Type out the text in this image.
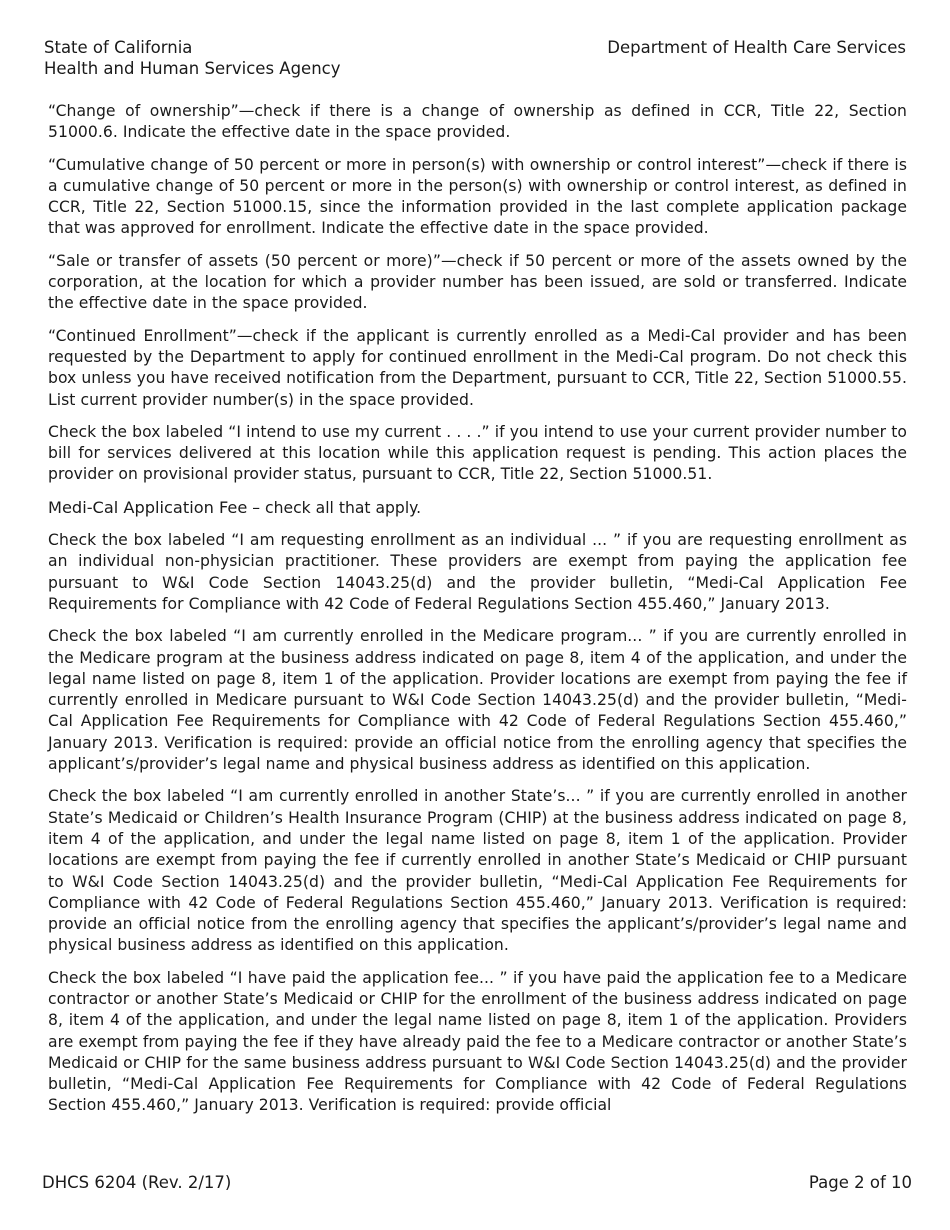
State of California
Health and Human Services Agency
Department of Health Care Services

“Change of ownership”—check if there is a change of ownership as defined in CCR, Title 22, Section 51000.6. Indicate the effective date in the space provided.

“Cumulative change of 50 percent or more in person(s) with ownership or control interest”—check if there is a cumulative change of 50 percent or more in the person(s) with ownership or control interest, as defined in CCR, Title 22, Section 51000.15, since the information provided in the last complete application package that was approved for enrollment. Indicate the effective date in the space provided.

“Sale or transfer of assets (50 percent or more)”—check if 50 percent or more of the assets owned by the corporation, at the location for which a provider number has been issued, are sold or transferred. Indicate the effective date in the space provided.

“Continued Enrollment”—check if the applicant is currently enrolled as a Medi-Cal provider and has been requested by the Department to apply for continued enrollment in the Medi-Cal program. Do not check this box unless you have received notification from the Department, pursuant to CCR, Title 22, Section 51000.55. List current provider number(s) in the space provided.

Check the box labeled “I intend to use my current . . . .” if you intend to use your current provider number to bill for services delivered at this location while this application request is pending. This action places the provider on provisional provider status, pursuant to CCR, Title 22, Section 51000.51.

Medi-Cal Application Fee – check all that apply.

Check the box labeled “I am requesting enrollment as an individual ... ” if you are requesting enrollment as an individual non-physician practitioner. These providers are exempt from paying the application fee pursuant to W&I Code Section 14043.25(d) and the provider bulletin, “Medi-Cal Application Fee Requirements for Compliance with 42 Code of Federal Regulations Section 455.460,” January 2013.

Check the box labeled “I am currently enrolled in the Medicare program... ” if you are currently enrolled in the Medicare program at the business address indicated on page 8, item 4 of the application, and under the legal name listed on page 8, item 1 of the application. Provider locations are exempt from paying the fee if currently enrolled in Medicare pursuant to W&I Code Section 14043.25(d) and the provider bulletin, “Medi-Cal Application Fee Requirements for Compliance with 42 Code of Federal Regulations Section 455.460,” January 2013. Verification is required: provide an official notice from the enrolling agency that specifies the applicant’s/provider’s legal name and physical business address as identified on this application.

Check the box labeled “I am currently enrolled in another State’s... ” if you are currently enrolled in another State’s Medicaid or Children’s Health Insurance Program (CHIP) at the business address indicated on page 8, item 4 of the application, and under the legal name listed on page 8, item 1 of the application. Provider locations are exempt from paying the fee if currently enrolled in another State’s Medicaid or CHIP pursuant to W&I Code Section 14043.25(d) and the provider bulletin, “Medi-Cal Application Fee Requirements for Compliance with 42 Code of Federal Regulations Section 455.460,” January 2013. Verification is required: provide an official notice from the enrolling agency that specifies the applicant’s/provider’s legal name and physical business address as identified on this application.

Check the box labeled “I have paid the application fee... ” if you have paid the application fee to a Medicare contractor or another State’s Medicaid or CHIP for the enrollment of the business address indicated on page 8, item 4 of the application, and under the legal name listed on page 8, item 1 of the application. Providers are exempt from paying the fee if they have already paid the fee to a Medicare contractor or another State’s Medicaid or CHIP for the same business address pursuant to W&I Code Section 14043.25(d) and the provider bulletin, “Medi-Cal Application Fee Requirements for Compliance with 42 Code of Federal Regulations Section 455.460,” January 2013. Verification is required: provide official

DHCS 6204 (Rev. 2/17)	Page 2 of 10
